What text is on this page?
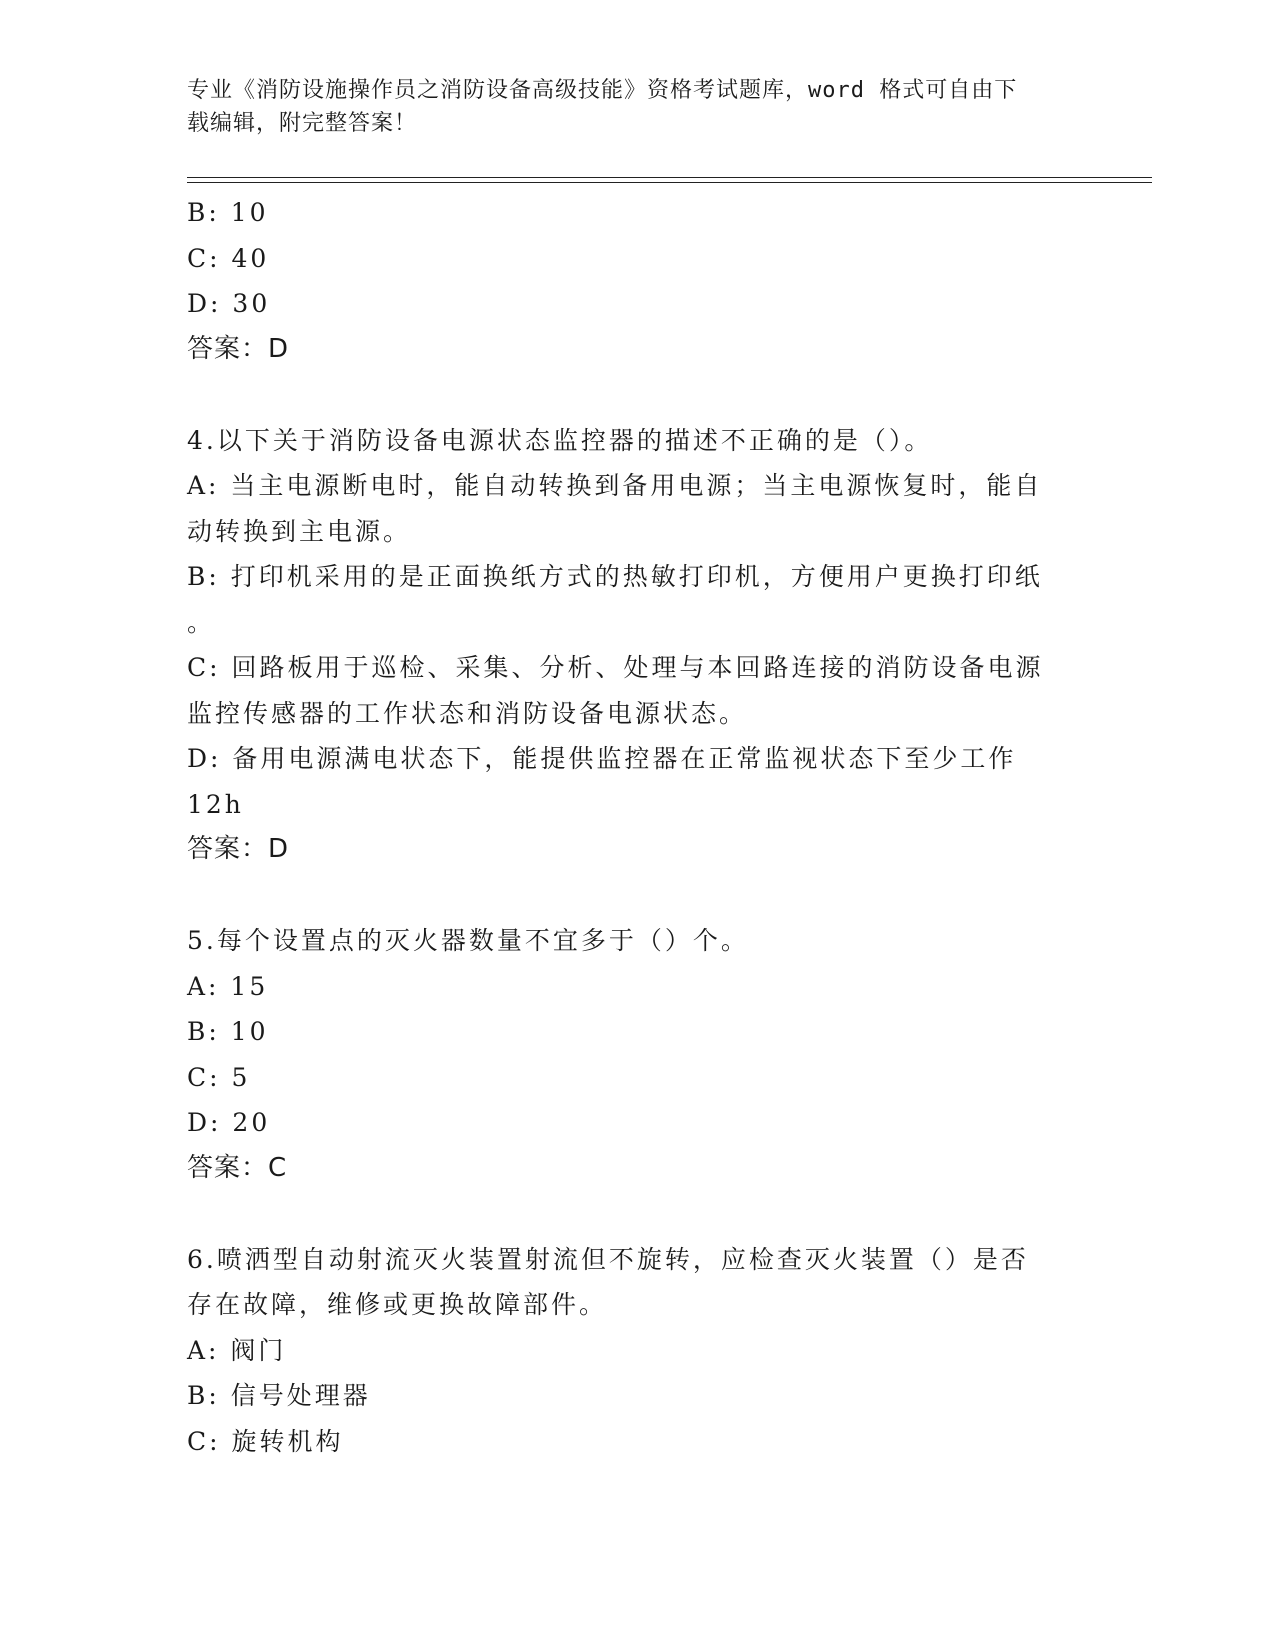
专业《消防设施操作员之消防设备高级技能》资格考试题库，word 格式可自由下
载编辑，附完整答案！
B: 10
C: 40
D: 30
答案：D
4.以下关于消防设备电源状态监控器的描述不正确的是（）。
A: 当主电源断电时，能自动转换到备用电源；当主电源恢复时，能自
动转换到主电源。
B: 打印机采用的是正面换纸方式的热敏打印机，方便用户更换打印纸
。
C: 回路板用于巡检、采集、分析、处理与本回路连接的消防设备电源
监控传感器的工作状态和消防设备电源状态。
D: 备用电源满电状态下，能提供监控器在正常监视状态下至少工作
12h
答案：D
5.每个设置点的灭火器数量不宜多于（）个。
A: 15
B: 10
C: 5
D: 20
答案：C
6.喷洒型自动射流灭火装置射流但不旋转，应检查灭火装置（）是否
存在故障，维修或更换故障部件。
A: 阀门
B: 信号处理器
C: 旋转机构
